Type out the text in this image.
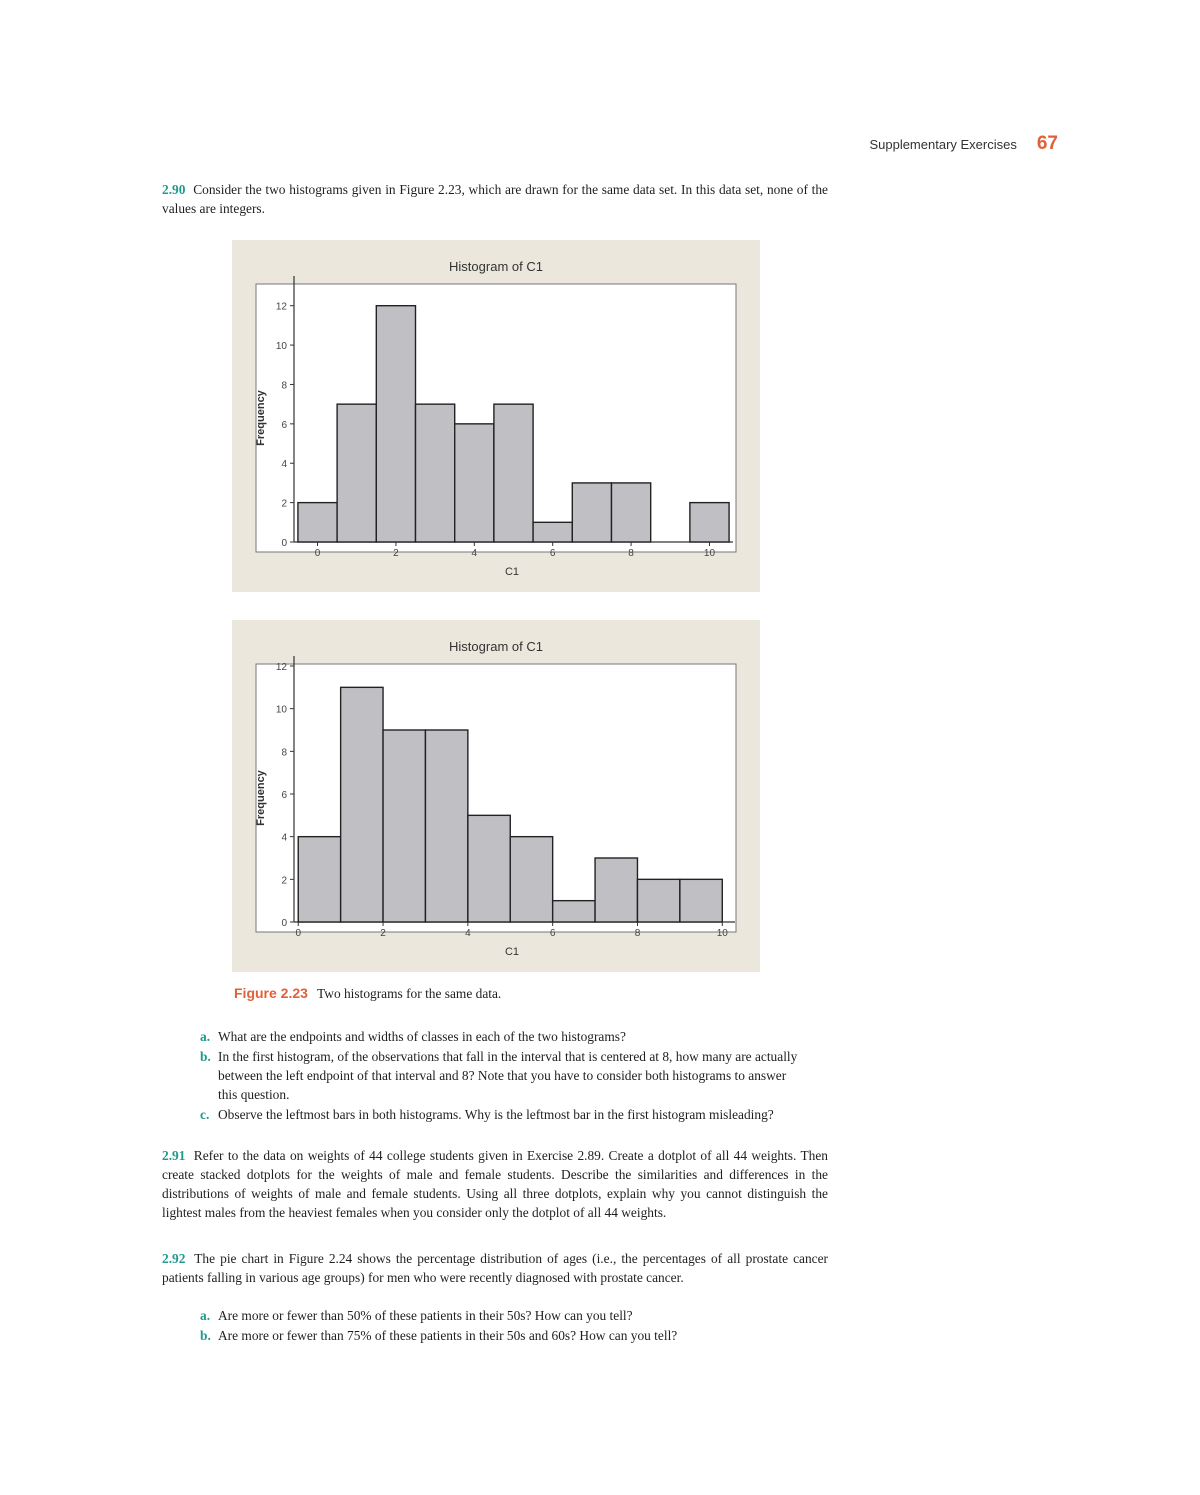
Supplementary Exercises 67
2.90 Consider the two histograms given in Figure 2.23, which are drawn for the same data set. In this data set, none of the values are integers.
Histogram of C1
0
2
4
6
8
10
12
0	2	4	6	8	10
C1
Frequency
Histogram of C1
0
2
4
6
8
10
12
0	2	4	6	8	10
C1
Frequency
Figure 2.23 Two histograms for the same data.
a. What are the endpoints and widths of classes in each of the two histograms?
b. In the first histogram, of the observations that fall in the interval that is centered at 8, how many are actually between the left endpoint of that interval and 8? Note that you have to consider both histograms to answer this question.
c. Observe the leftmost bars in both histograms. Why is the leftmost bar in the first histogram misleading?
2.91 Refer to the data on weights of 44 college students given in Exercise 2.89. Create a dotplot of all 44 weights. Then create stacked dotplots for the weights of male and female students. Describe the similarities and differences in the distributions of weights of male and female students. Using all three dotplots, explain why you cannot distinguish the lightest males from the heaviest females when you consider only the dotplot of all 44 weights.
2.92 The pie chart in Figure 2.24 shows the percentage distribution of ages (i.e., the percentages of all prostate cancer patients falling in various age groups) for men who were recently diagnosed with prostate cancer.
a. Are more or fewer than 50% of these patients in their 50s? How can you tell?
b. Are more or fewer than 75% of these patients in their 50s and 60s? How can you tell?
